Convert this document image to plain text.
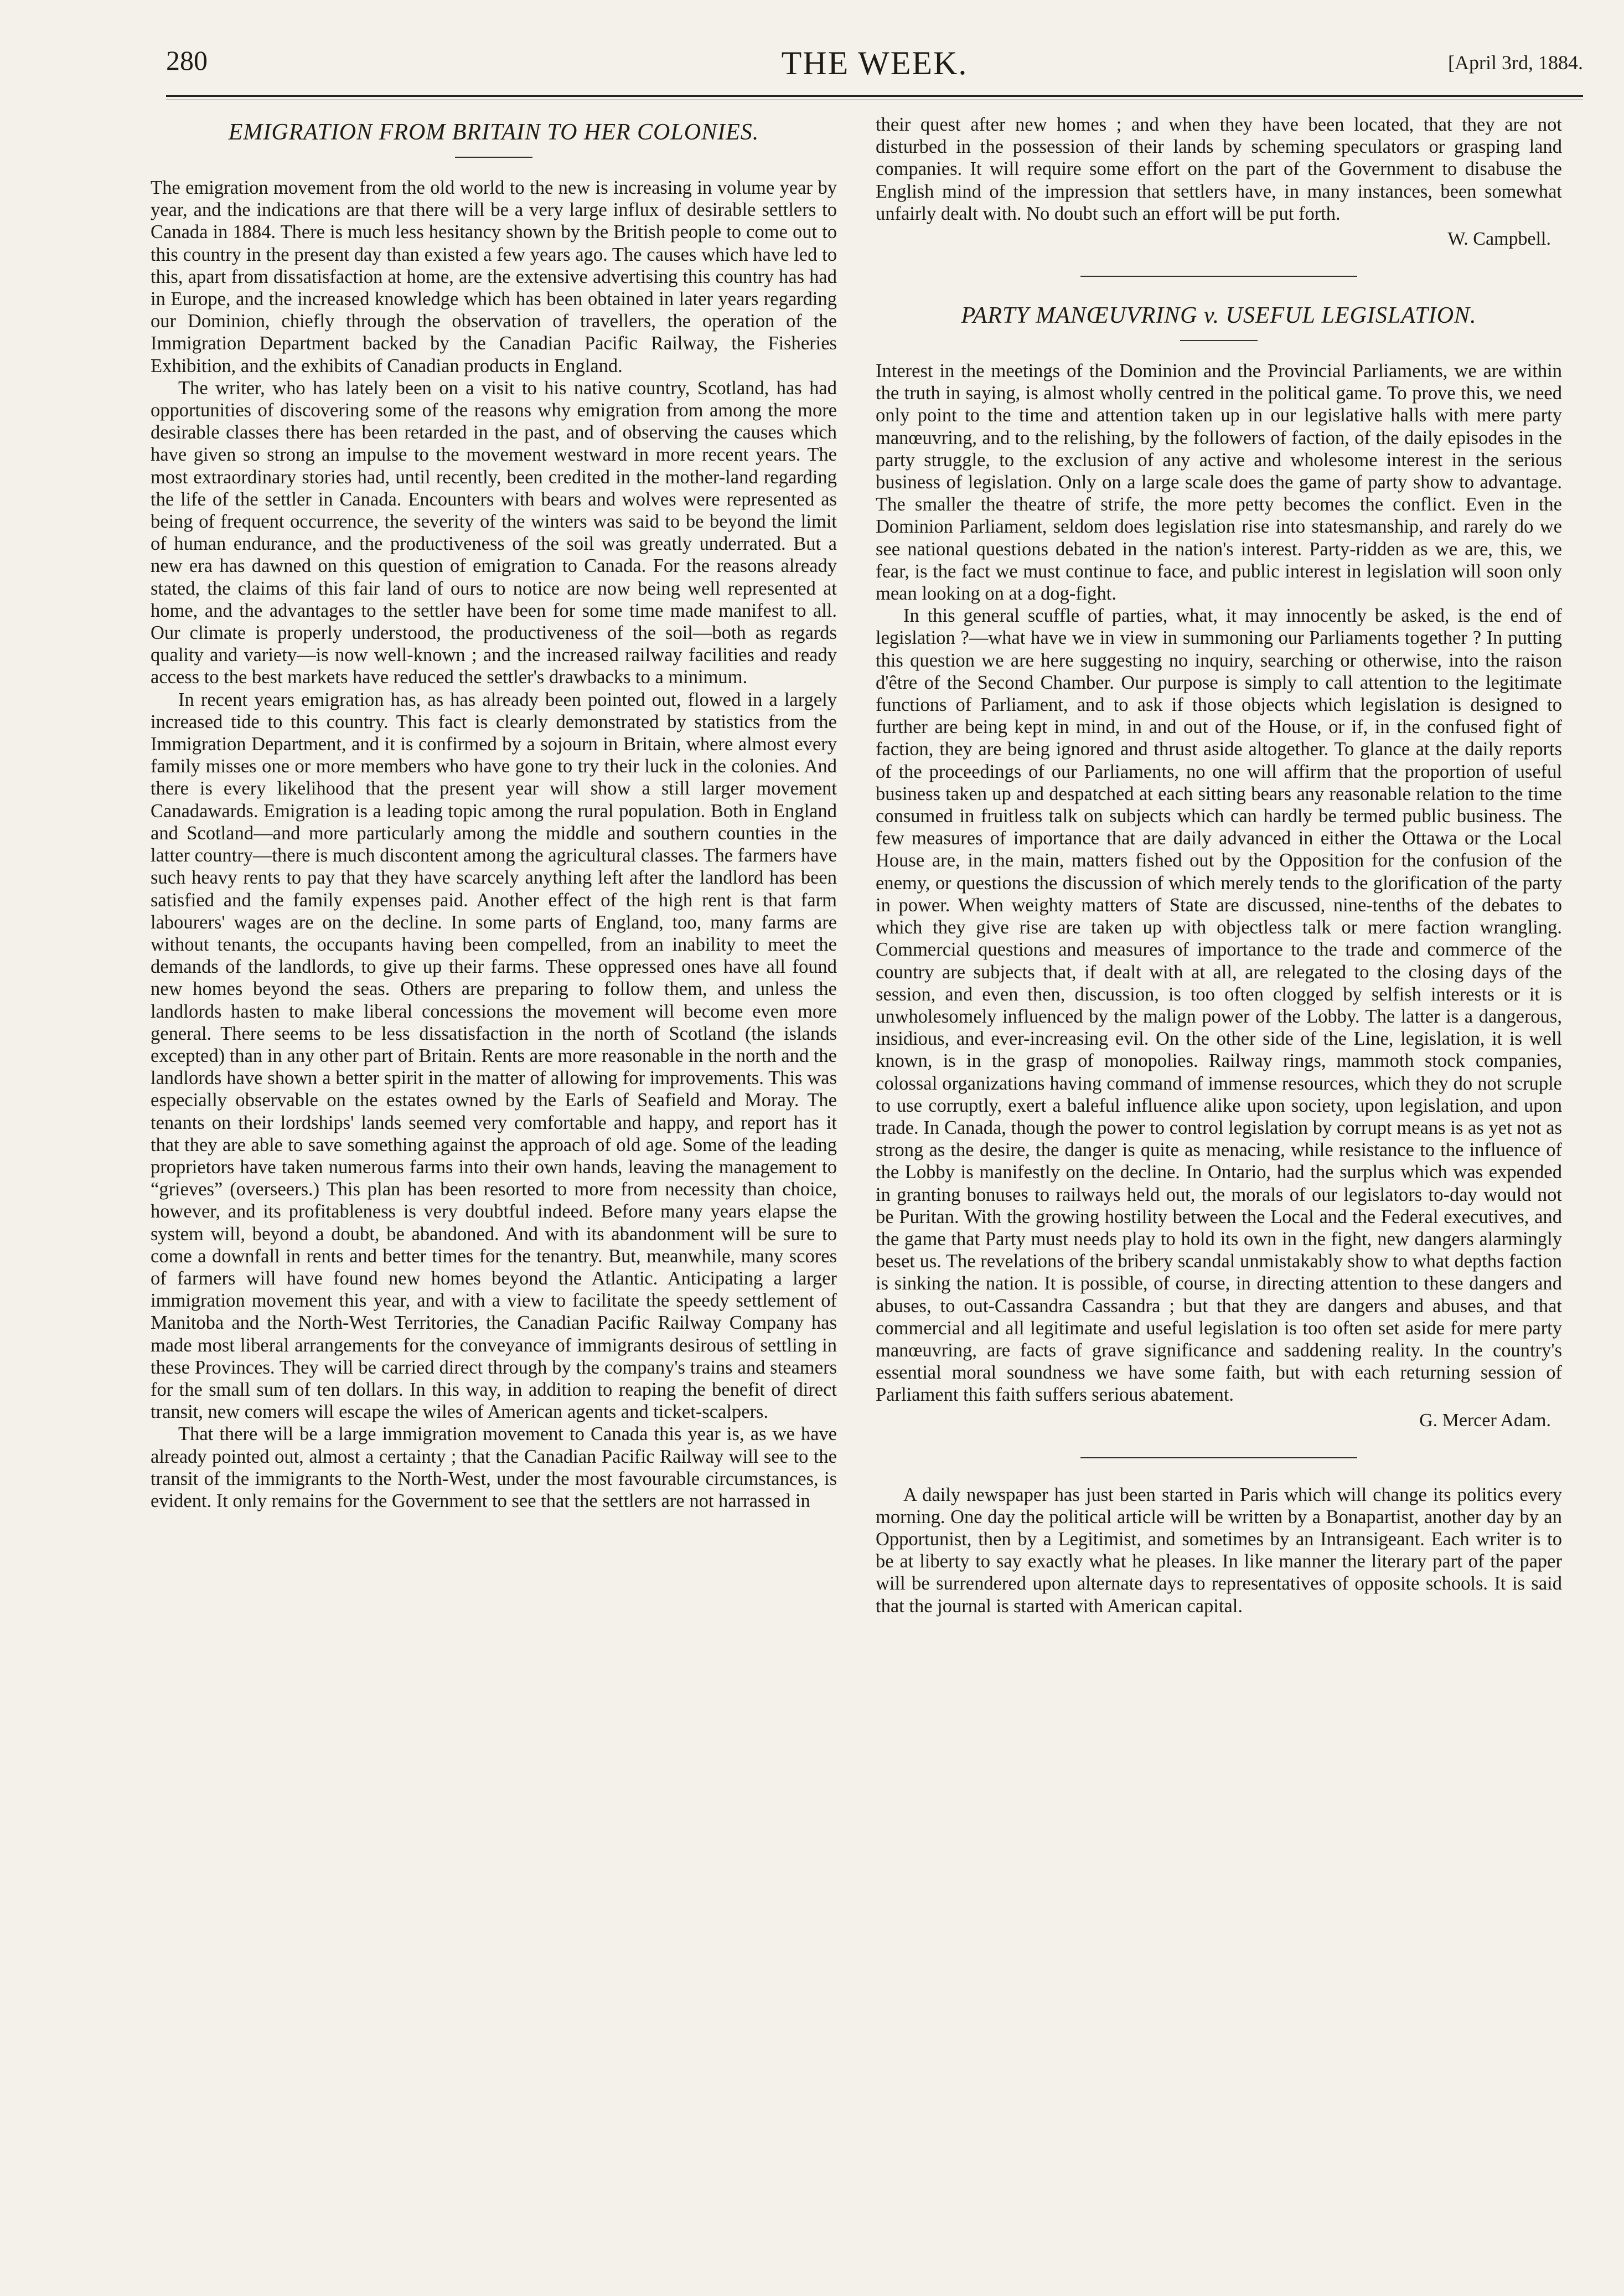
THE WEEK.
280	[April 3rd, 1884.
EMIGRATION FROM BRITAIN TO HER COLONIES.

The emigration movement from the old world to the new is increasing in volume year by year, and the indications are that there will be a very large influx of desirable settlers to Canada in 1884. There is much less hesitancy shown by the British people to come out to this country in the present day than existed a few years ago. The causes which have led to this, apart from dissatisfaction at home, are the extensive advertising this country has had in Europe, and the increased knowledge which has been obtained in later years regarding our Dominion, chiefly through the observation of travellers, the operation of the Immigration Department backed by the Canadian Pacific Railway, the Fisheries Exhibition, and the exhibits of Canadian products in England.

The writer, who has lately been on a visit to his native country, Scotland, has had opportunities of discovering some of the reasons why emigration from among the more desirable classes there has been retarded in the past, and of observing the causes which have given so strong an impulse to the movement westward in more recent years. The most extraordinary stories had, until recently, been credited in the mother-land regarding the life of the settler in Canada. Encounters with bears and wolves were represented as being of frequent occurrence, the severity of the winters was said to be beyond the limit of human endurance, and the productiveness of the soil was greatly underrated. But a new era has dawned on this question of emigration to Canada. For the reasons already stated, the claims of this fair land of ours to notice are now being well represented at home, and the advantages to the settler have been for some time made manifest to all. Our climate is properly understood, the productiveness of the soil—both as regards quality and variety—is now well-known ; and the increased railway facilities and ready access to the best markets have reduced the settler's drawbacks to a minimum.

In recent years emigration has, as has already been pointed out, flowed in a largely increased tide to this country. This fact is clearly demonstrated by statistics from the Immigration Department, and it is confirmed by a sojourn in Britain, where almost every family misses one or more members who have gone to try their luck in the colonies. And there is every likelihood that the present year will show a still larger movement Canadawards. Emigration is a leading topic among the rural population. Both in England and Scotland—and more particularly among the middle and southern counties in the latter country—there is much discontent among the agricultural classes. The farmers have such heavy rents to pay that they have scarcely anything left after the landlord has been satisfied and the family expenses paid. Another effect of the high rent is that farm labourers' wages are on the decline. In some parts of England, too, many farms are without tenants, the occupants having been compelled, from an inability to meet the demands of the landlords, to give up their farms. These oppressed ones have all found new homes beyond the seas. Others are preparing to follow them, and unless the landlords hasten to make liberal concessions the movement will become even more general. There seems to be less dissatisfaction in the north of Scotland (the islands excepted) than in any other part of Britain. Rents are more reasonable in the north and the landlords have shown a better spirit in the matter of allowing for improvements. This was especially observable on the estates owned by the Earls of Seafield and Moray. The tenants on their lordships' lands seemed very comfortable and happy, and report has it that they are able to save something against the approach of old age. Some of the leading proprietors have taken numerous farms into their own hands, leaving the management to “grieves” (overseers.) This plan has been resorted to more from necessity than choice, however, and its profitableness is very doubtful indeed. Before many years elapse the system will, beyond a doubt, be abandoned. And with its abandonment will be sure to come a downfall in rents and better times for the tenantry. But, meanwhile, many scores of farmers will have found new homes beyond the Atlantic. Anticipating a larger immigration movement this year, and with a view to facilitate the speedy settlement of Manitoba and the North-West Territories, the Canadian Pacific Railway Company has made most liberal arrangements for the conveyance of immigrants desirous of settling in these Provinces. They will be carried direct through by the company's trains and steamers for the small sum of ten dollars. In this way, in addition to reaping the benefit of direct transit, new comers will escape the wiles of American agents and ticket-scalpers.

That there will be a large immigration movement to Canada this year is, as we have already pointed out, almost a certainty ; that the Canadian Pacific Railway will see to the transit of the immigrants to the North-West, under the most favourable circumstances, is evident. It only remains for the Government to see that the settlers are not harrassed in

their quest after new homes ; and when they have been located, that they are not disturbed in the possession of their lands by scheming speculators or grasping land companies. It will require some effort on the part of the Government to disabuse the English mind of the impression that settlers have, in many instances, been somewhat unfairly dealt with. No doubt such an effort will be put forth.

W. Campbell.
PARTY MANŒUVRING v. USEFUL LEGISLATION.

Interest in the meetings of the Dominion and the Provincial Parliaments, we are within the truth in saying, is almost wholly centred in the political game. To prove this, we need only point to the time and attention taken up in our legislative halls with mere party manœuvring, and to the relishing, by the followers of faction, of the daily episodes in the party struggle, to the exclusion of any active and wholesome interest in the serious business of legislation. Only on a large scale does the game of party show to advantage. The smaller the theatre of strife, the more petty becomes the conflict. Even in the Dominion Parliament, seldom does legislation rise into statesmanship, and rarely do we see national questions debated in the nation's interest. Party-ridden as we are, this, we fear, is the fact we must continue to face, and public interest in legislation will soon only mean looking on at a dog-fight.

In this general scuffle of parties, what, it may innocently be asked, is the end of legislation ?—what have we in view in summoning our Parliaments together ? In putting this question we are here suggesting no inquiry, searching or otherwise, into the raison d'être of the Second Chamber. Our purpose is simply to call attention to the legitimate functions of Parliament, and to ask if those objects which legislation is designed to further are being kept in mind, in and out of the House, or if, in the confused fight of faction, they are being ignored and thrust aside altogether. To glance at the daily reports of the proceedings of our Parliaments, no one will affirm that the proportion of useful business taken up and despatched at each sitting bears any reasonable relation to the time consumed in fruitless talk on subjects which can hardly be termed public business. The few measures of importance that are daily advanced in either the Ottawa or the Local House are, in the main, matters fished out by the Opposition for the confusion of the enemy, or questions the discussion of which merely tends to the glorification of the party in power. When weighty matters of State are discussed, nine-tenths of the debates to which they give rise are taken up with objectless talk or mere faction wrangling. Commercial questions and measures of importance to the trade and commerce of the country are subjects that, if dealt with at all, are relegated to the closing days of the session, and even then, discussion, is too often clogged by selfish interests or it is unwholesomely influenced by the malign power of the Lobby. The latter is a dangerous, insidious, and ever-increasing evil. On the other side of the Line, legislation, it is well known, is in the grasp of monopolies. Railway rings, mammoth stock companies, colossal organizations having command of immense resources, which they do not scruple to use corruptly, exert a baleful influence alike upon society, upon legislation, and upon trade. In Canada, though the power to control legislation by corrupt means is as yet not as strong as the desire, the danger is quite as menacing, while resistance to the influence of the Lobby is manifestly on the decline. In Ontario, had the surplus which was expended in granting bonuses to railways held out, the morals of our legislators to-day would not be Puritan. With the growing hostility between the Local and the Federal executives, and the game that Party must needs play to hold its own in the fight, new dangers alarmingly beset us. The revelations of the bribery scandal unmistakably show to what depths faction is sinking the nation. It is possible, of course, in directing attention to these dangers and abuses, to out-Cassandra Cassandra ; but that they are dangers and abuses, and that commercial and all legitimate and useful legislation is too often set aside for mere party manœuvring, are facts of grave significance and saddening reality. In the country's essential moral soundness we have some faith, but with each returning session of Parliament this faith suffers serious abatement.

G. Mercer Adam.

A daily newspaper has just been started in Paris which will change its politics every morning. One day the political article will be written by a Bonapartist, another day by an Opportunist, then by a Legitimist, and sometimes by an Intransigeant. Each writer is to be at liberty to say exactly what he pleases. In like manner the literary part of the paper will be surrendered upon alternate days to representatives of opposite schools. It is said that the journal is started with American capital.
